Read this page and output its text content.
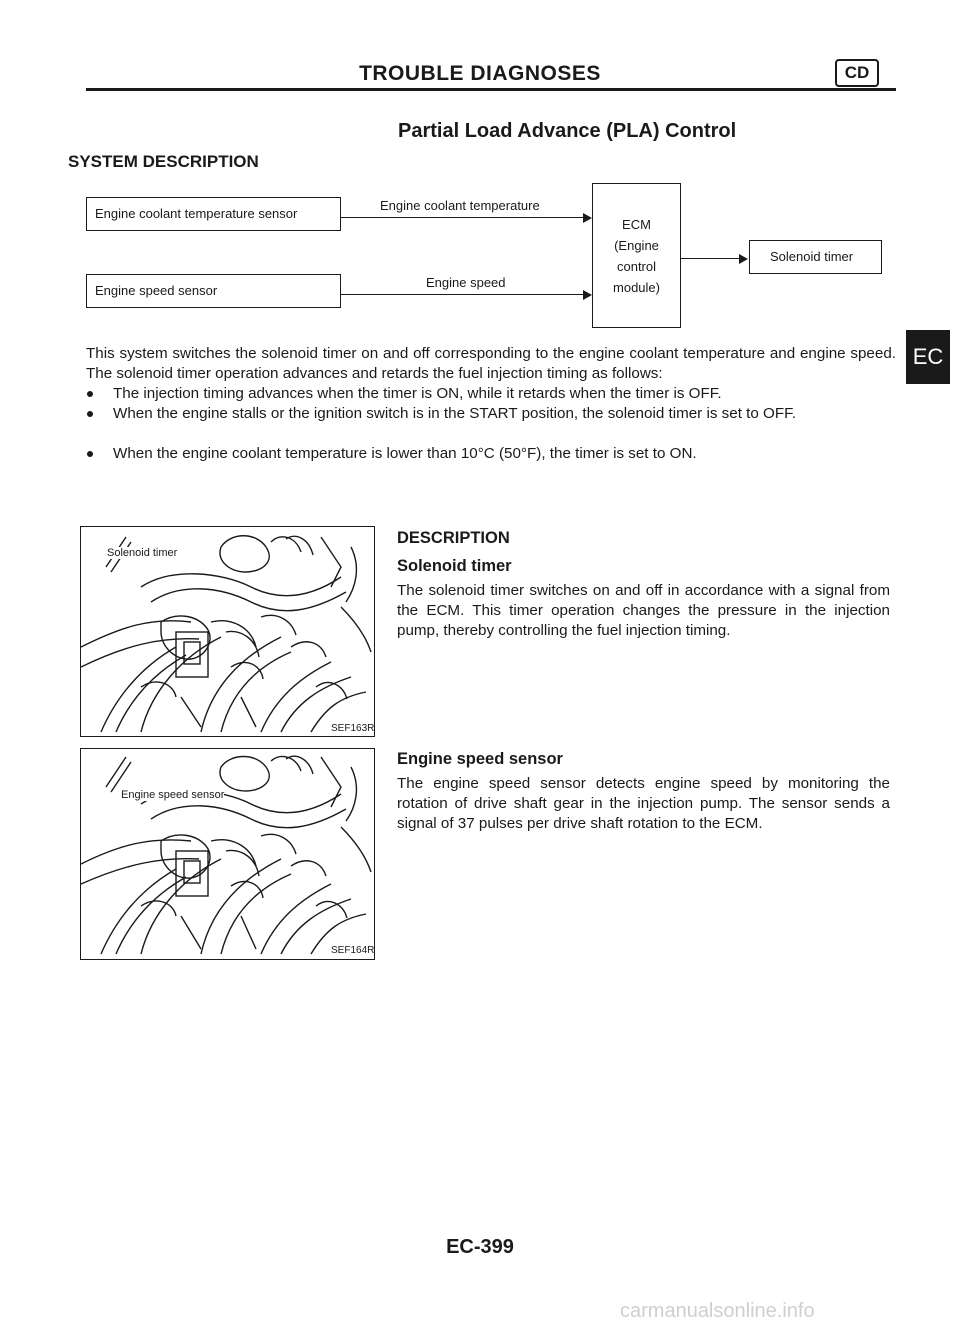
TROUBLE DIAGNOSES	CD
Partial Load Advance (PLA) Control
SYSTEM DESCRIPTION
Engine coolant temperature sensor
Engine coolant temperature
Engine speed sensor
Engine speed
ECM
(Engine
control
module)
Solenoid timer
This system switches the solenoid timer on and off corresponding to the engine coolant temperature and engine speed. The solenoid timer operation advances and retards the fuel injection timing as follows:
The injection timing advances when the timer is ON, while it retards when the timer is OFF.
When the engine stalls or the ignition switch is in the START position, the solenoid timer is set to OFF.
When the engine coolant temperature is lower than 10°C (50°F), the timer is set to ON.
EC
Solenoid timer
SEF163R
Engine speed sensor
SEF164R
DESCRIPTION
Solenoid timer
The solenoid timer switches on and off in accordance with a signal from the ECM. This timer operation changes the pressure in the injection pump, thereby controlling the fuel injection timing.
Engine speed sensor
The engine speed sensor detects engine speed by monitoring the rotation of drive shaft gear in the injection pump. The sensor sends a signal of 37 pulses per drive shaft rotation to the ECM.
EC-399
carmanualsonline.info
